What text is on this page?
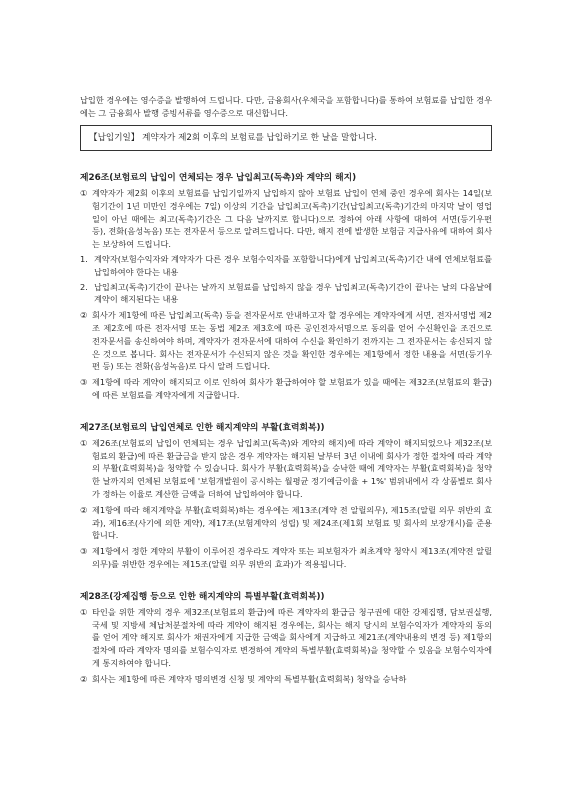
납입한 경우에는 영수증을 발행하여 드립니다. 다만, 금융회사(우체국을 포함합니다)를 통하여 보험료를 납입한 경우에는 그 금융회사 발행 증빙서류를 영수증으로 대신합니다.

【납입기일】 계약자가 제2회 이후의 보험료를 납입하기로 한 날을 말합니다.

제26조(보험료의 납입이 연체되는 경우 납입최고(독촉)와 계약의 해지)

① 계약자가 제2회 이후의 보험료를 납입기일까지 납입하지 않아 보험료 납입이 연체 중인 경우에 회사는 14일(보험기간이 1년 미만인 경우에는 7일) 이상의 기간을 납입최고(독촉)기간(납입최고(독촉)기간의 마지막 날이 영업일이 아닌 때에는 최고(독촉)기간은 그 다음 날까지로 합니다)으로 정하여 아래 사항에 대하여 서면(등기우편 등), 전화(음성녹음) 또는 전자문서 등으로 알려드립니다. 다만, 해지 전에 발생한 보험금 지급사유에 대하여 회사는 보상하여 드립니다.
1. 계약자(보험수익자와 계약자가 다른 경우 보험수익자를 포함합니다)에게 납입최고(독촉)기간 내에 연체보험료를 납입하여야 한다는 내용
2. 납입최고(독촉)기간이 끝나는 날까지 보험료를 납입하지 않을 경우 납입최고(독촉)기간이 끝나는 날의 다음날에 계약이 해지된다는 내용
② 회사가 제1항에 따른 납입최고(독촉) 등을 전자문서로 안내하고자 할 경우에는 계약자에게 서면, 전자서명법 제2조 제2호에 따른 전자서명 또는 동법 제2조 제3호에 따른 공인전자서명으로 동의를 얻어 수신확인을 조건으로 전자문서를 송신하여야 하며, 계약자가 전자문서에 대하여 수신을 확인하기 전까지는 그 전자문서는 송신되지 않은 것으로 봅니다. 회사는 전자문서가 수신되지 않은 것을 확인한 경우에는 제1항에서 정한 내용을 서면(등기우편 등) 또는 전화(음성녹음)로 다시 알려 드립니다.
③ 제1항에 따라 계약이 해지되고 이로 인하여 회사가 환급하여야 할 보험료가 있을 때에는 제32조(보험료의 환급)에 따른 보험료를 계약자에게 지급합니다.

제27조(보험료의 납입연체로 인한 해지계약의 부활(효력회복))

① 제26조(보험료의 납입이 연체되는 경우 납입최고(독촉)와 계약의 해지)에 따라 계약이 해지되었으나 제32조(보험료의 환급)에 따른 환급금을 받지 않은 경우 계약자는 해지된 날부터 3년 이내에 회사가 정한 절차에 따라 계약의 부활(효력회복)을 청약할 수 있습니다. 회사가 부활(효력회복)을 승낙한 때에 계약자는 부활(효력회복)을 청약한 날까지의 연체된 보험료에 '보험개발원이 공시하는 월평균 정기예금이율 + 1%' 범위내에서 각 상품별로 회사가 정하는 이율로 계산한 금액을 더하여 납입하여야 합니다.
② 제1항에 따라 해지계약을 부활(효력회복)하는 경우에는 제13조(계약 전 알릴의무), 제15조(알릴 의무 위반의 효과), 제16조(사기에 의한 계약), 제17조(보험계약의 성립) 및 제24조(제1회 보험료 및 회사의 보장개시)를 준용합니다.
③ 제1항에서 정한 계약의 부활이 이루어진 경우라도 계약자 또는 피보험자가 최초계약 청약시 제13조(계약전 알릴 의무)를 위반한 경우에는 제15조(알릴 의무 위반의 효과)가 적용됩니다.

제28조(강제집행 등으로 인한 해지계약의 특별부활(효력회복))

① 타인을 위한 계약의 경우 제32조(보험료의 환급)에 따른 계약자의 환급금 청구권에 대한 강제집행, 담보권실행, 국세 및 지방세 체납처분절차에 따라 계약이 해지된 경우에는, 회사는 해지 당시의 보험수익자가 계약자의 동의를 얻어 계약 해지로 회사가 채권자에게 지급한 금액을 회사에게 지급하고 제21조(계약내용의 변경 등) 제1항의 절차에 따라 계약자 명의를 보험수익자로 변경하여 계약의 특별부활(효력회복)을 청약할 수 있음을 보험수익자에게 통지하여야 합니다.
② 회사는 제1항에 따른 계약자 명의변경 신청 및 계약의 특별부활(효력회복) 청약을 승낙하
